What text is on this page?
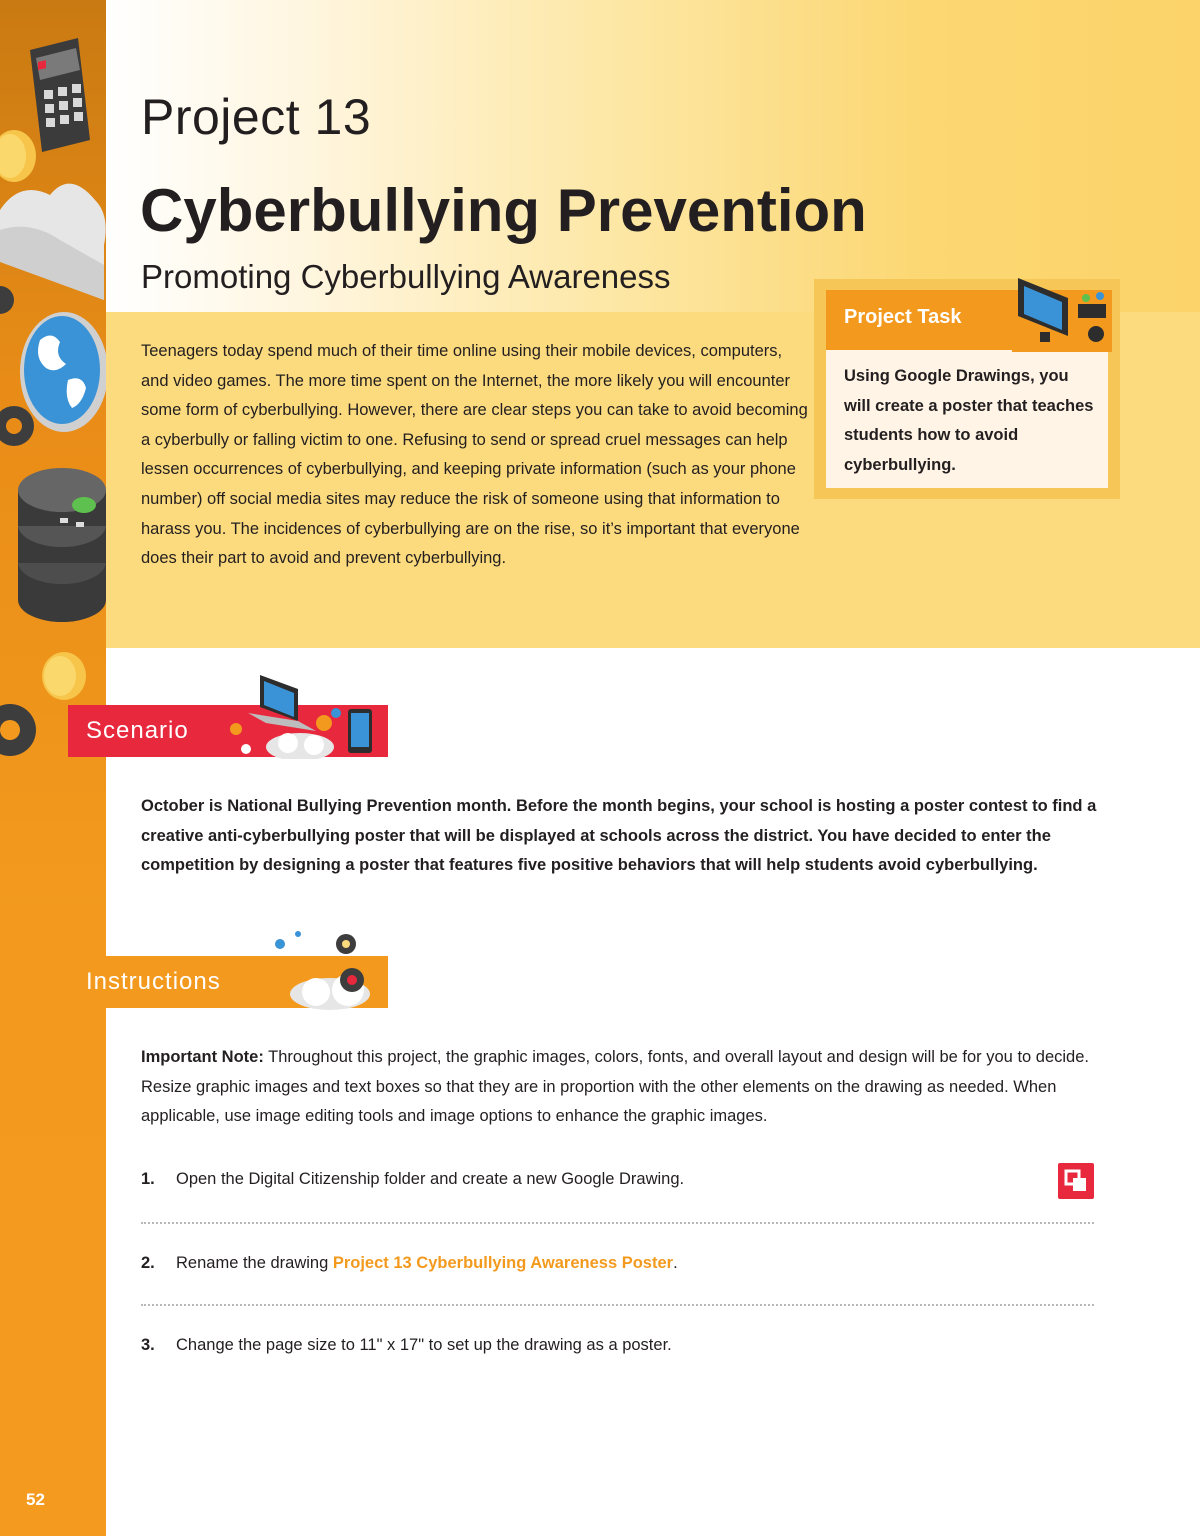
52
Project 13
Cyberbullying Prevention
Promoting Cyberbullying Awareness
Teenagers today spend much of their time online using their mobile devices, computers, and video games. The more time spent on the Internet, the more likely you will encounter some form of cyberbullying. However, there are clear steps you can take to avoid becoming a cyberbully or falling victim to one. Refusing to send or spread cruel messages can help lessen occurrences of cyberbullying, and keeping private information (such as your phone number) off social media sites may reduce the risk of someone using that information to harass you. The incidences of cyberbullying are on the rise, so it’s important that everyone does their part to avoid and prevent cyberbullying.
Project Task
Using Google Drawings, you will create a poster that teaches students how to avoid cyberbullying.
Scenario
October is National Bullying Prevention month. Before the month begins, your school is hosting a poster contest to find a creative anti-cyberbullying poster that will be displayed at schools across the district. You have decided to enter the competition by designing a poster that features five positive behaviors that will help students avoid cyberbullying.
Instructions
Important Note: Throughout this project, the graphic images, colors, fonts, and overall layout and design will be for you to decide. Resize graphic images and text boxes so that they are in proportion with the other elements on the drawing as needed. When applicable, use image editing tools and image options to enhance the graphic images.
1. Open the Digital Citizenship folder and create a new Google Drawing.
2. Rename the drawing Project 13 Cyberbullying Awareness Poster.
3. Change the page size to 11" x 17" to set up the drawing as a poster.
